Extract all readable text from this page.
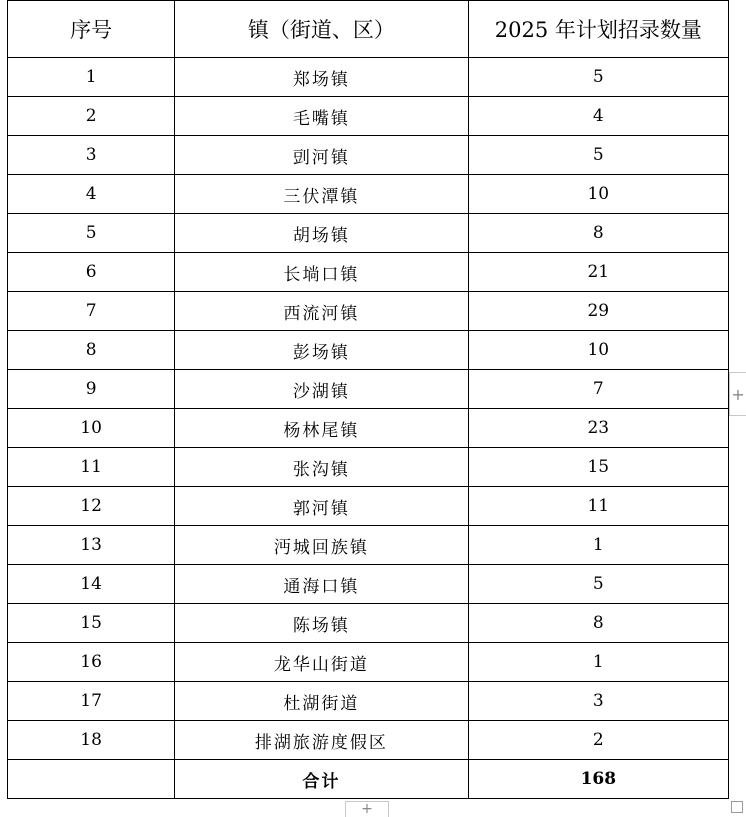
序号	镇（街道、区）	2025 年计划招录数量
1	郑场镇	5
2	毛嘴镇	4
3	剅河镇	5
4	三伏潭镇	10
5	胡场镇	8
6	长埫口镇	21
7	西流河镇	29
8	彭场镇	10
9	沙湖镇	7
10	杨林尾镇	23
11	张沟镇	15
12	郭河镇	11
13	沔城回族镇	1
14	通海口镇	5
15	陈场镇	8
16	龙华山街道	1
17	杜湖街道	3
18	排湖旅游度假区	2
	合计	168
+
+
